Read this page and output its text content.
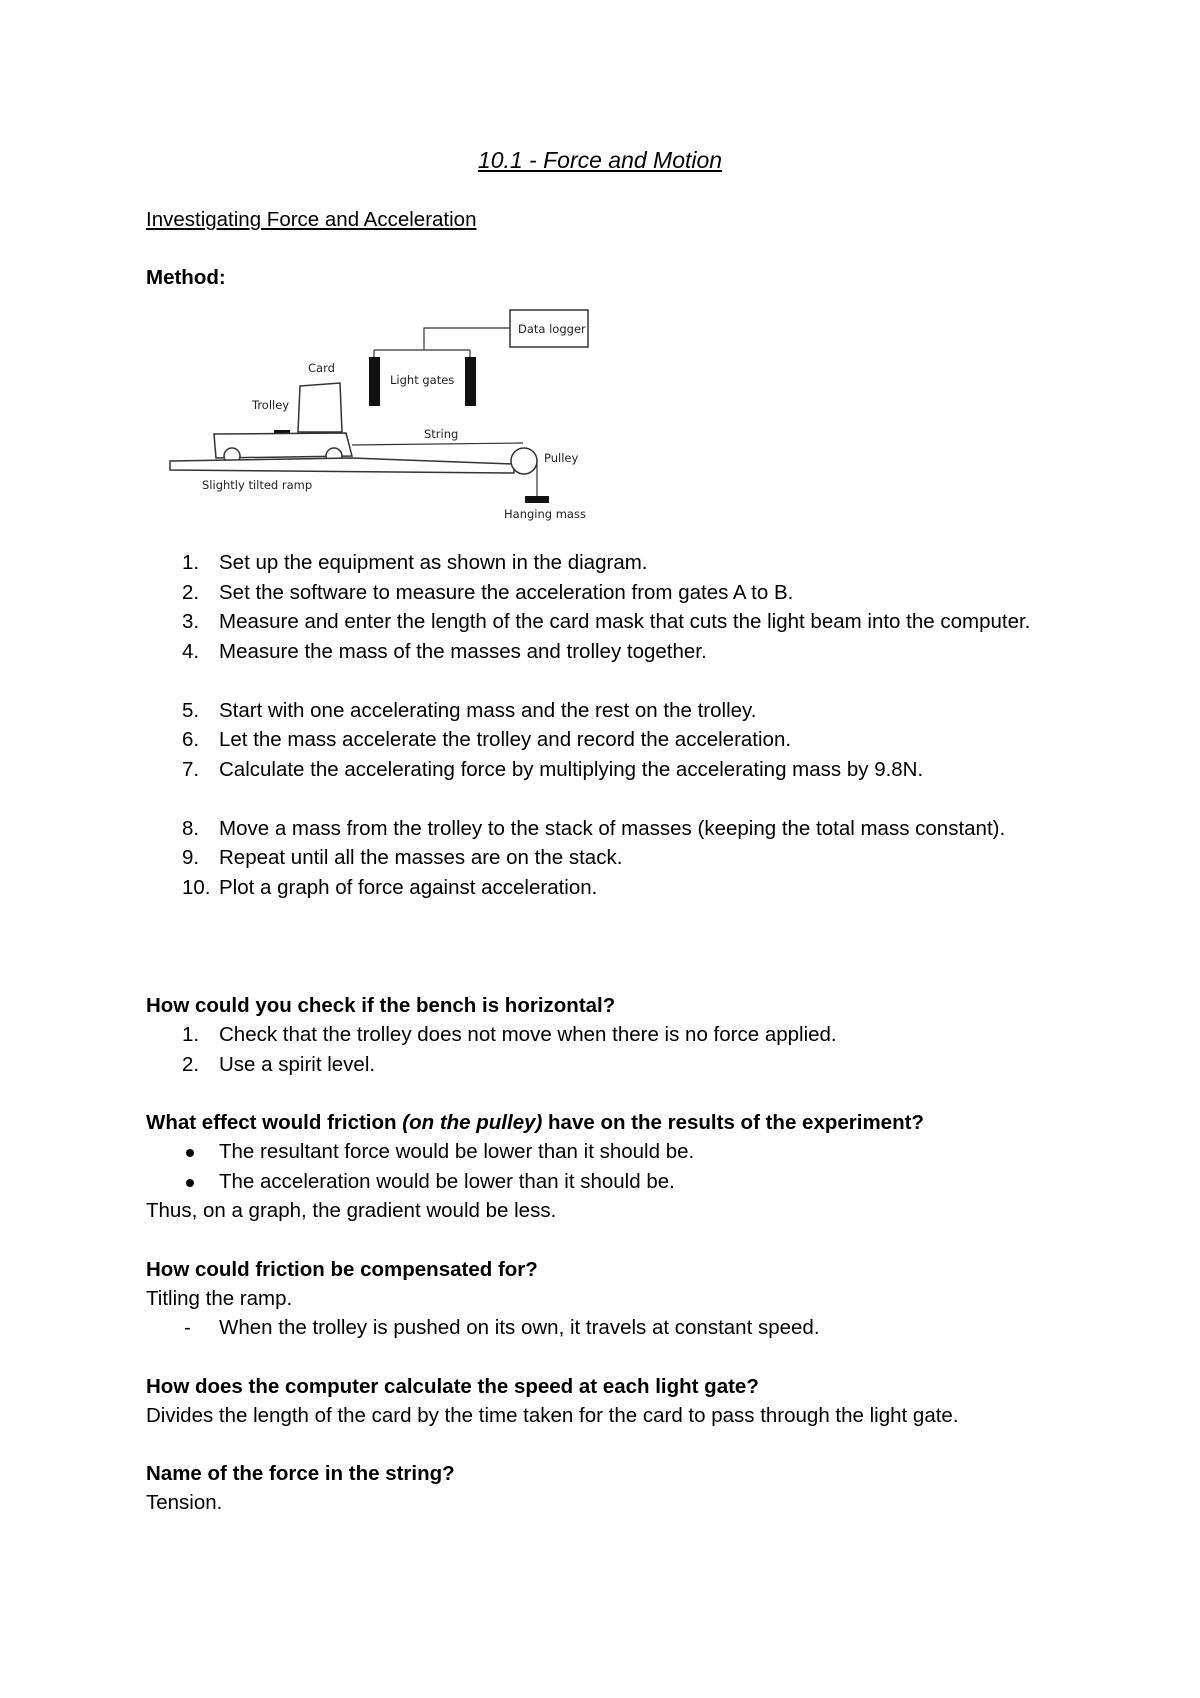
10.1 - Force and Motion
Investigating Force and Acceleration
Method:
Data logger
Light gates
Card
Trolley
String
Slightly tilted ramp
Pulley
Hanging mass
1. Set up the equipment as shown in the diagram.
2. Set the software to measure the acceleration from gates A to B.
3. Measure and enter the length of the card mask that cuts the light beam into the computer.
4. Measure the mass of the masses and trolley together.
5. Start with one accelerating mass and the rest on the trolley.
6. Let the mass accelerate the trolley and record the acceleration.
7. Calculate the accelerating force by multiplying the accelerating mass by 9.8N.
8. Move a mass from the trolley to the stack of masses (keeping the total mass constant).
9. Repeat until all the masses are on the stack.
10. Plot a graph of force against acceleration.
How could you check if the bench is horizontal?
1. Check that the trolley does not move when there is no force applied.
2. Use a spirit level.
What effect would friction (on the pulley) have on the results of the experiment?
The resultant force would be lower than it should be.
The acceleration would be lower than it should be.
Thus, on a graph, the gradient would be less.
How could friction be compensated for?
Titling the ramp.
- When the trolley is pushed on its own, it travels at constant speed.
How does the computer calculate the speed at each light gate?
Divides the length of the card by the time taken for the card to pass through the light gate.
Name of the force in the string?
Tension.
